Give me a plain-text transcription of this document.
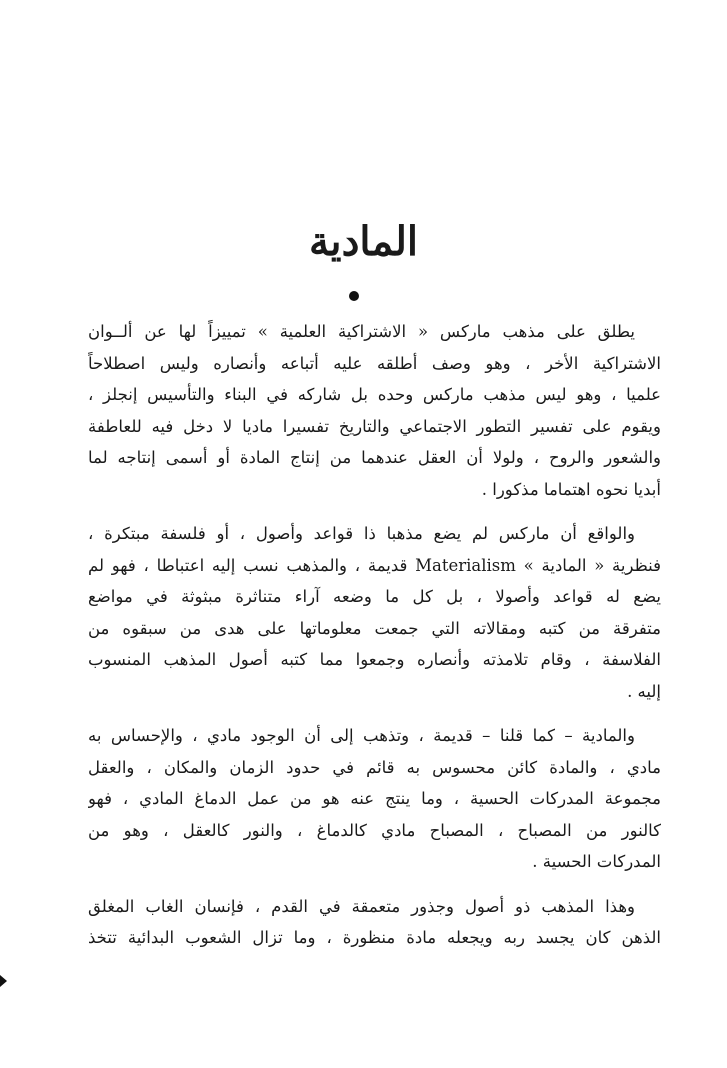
المادية
يطلق على مذهب ماركس « الاشتراكية العلمية » تمييزاً لها عن ألــوان
الاشتراكية الأخر ، وهو وصف أطلقه عليه أتباعه وأنصاره وليس اصطلاحاً
علميا ، وهو ليس مذهب ماركس وحده بل شاركه في البناء والتأسيس إنجلز ،
ويقوم على تفسير التطور الاجتماعي والتاريخ تفسيرا ماديا لا دخل فيه للعاطفة
والشعور والروح ، ولولا أن العقل عندهما من إنتاج المادة أو أسمى إنتاجه لما
أبديا نحوه اهتماما مذكورا .
والواقع أن ماركس لم يضع مذهبا ذا قواعد وأصول ، أو فلسفة مبتكرة ،
فنظرية « المادية » Materialism قديمة ، والمذهب نسب إليه اعتباطا ، فهو لم
يضع له قواعد وأصولا ، بل كل ما وضعه آراء متناثرة مبثوثة في مواضع
متفرقة من كتبه ومقالاته التي جمعت معلوماتها على هدى من سبقوه من
الفلاسفة ، وقام تلامذته وأنصاره وجمعوا مما كتبه أصول المذهب المنسوب
إليه .
والمادية – كما قلنا – قديمة ، وتذهب إلى أن الوجود مادي ، والإحساس به
مادي ، والمادة كائن محسوس به قائم في حدود الزمان والمكان ، والعقل
مجموعة المدركات الحسية ، وما ينتج عنه هو من عمل الدماغ المادي ، فهو
كالنور من المصباح ، المصباح مادي كالدماغ ، والنور كالعقل ، وهو من
المدركات الحسية .
وهذا المذهب ذو أصول وجذور متعمقة في القدم ، فإنسان الغاب المغلق
الذهن كان يجسد ربه ويجعله مادة منظورة ، وما تزال الشعوب البدائية تتخذ
